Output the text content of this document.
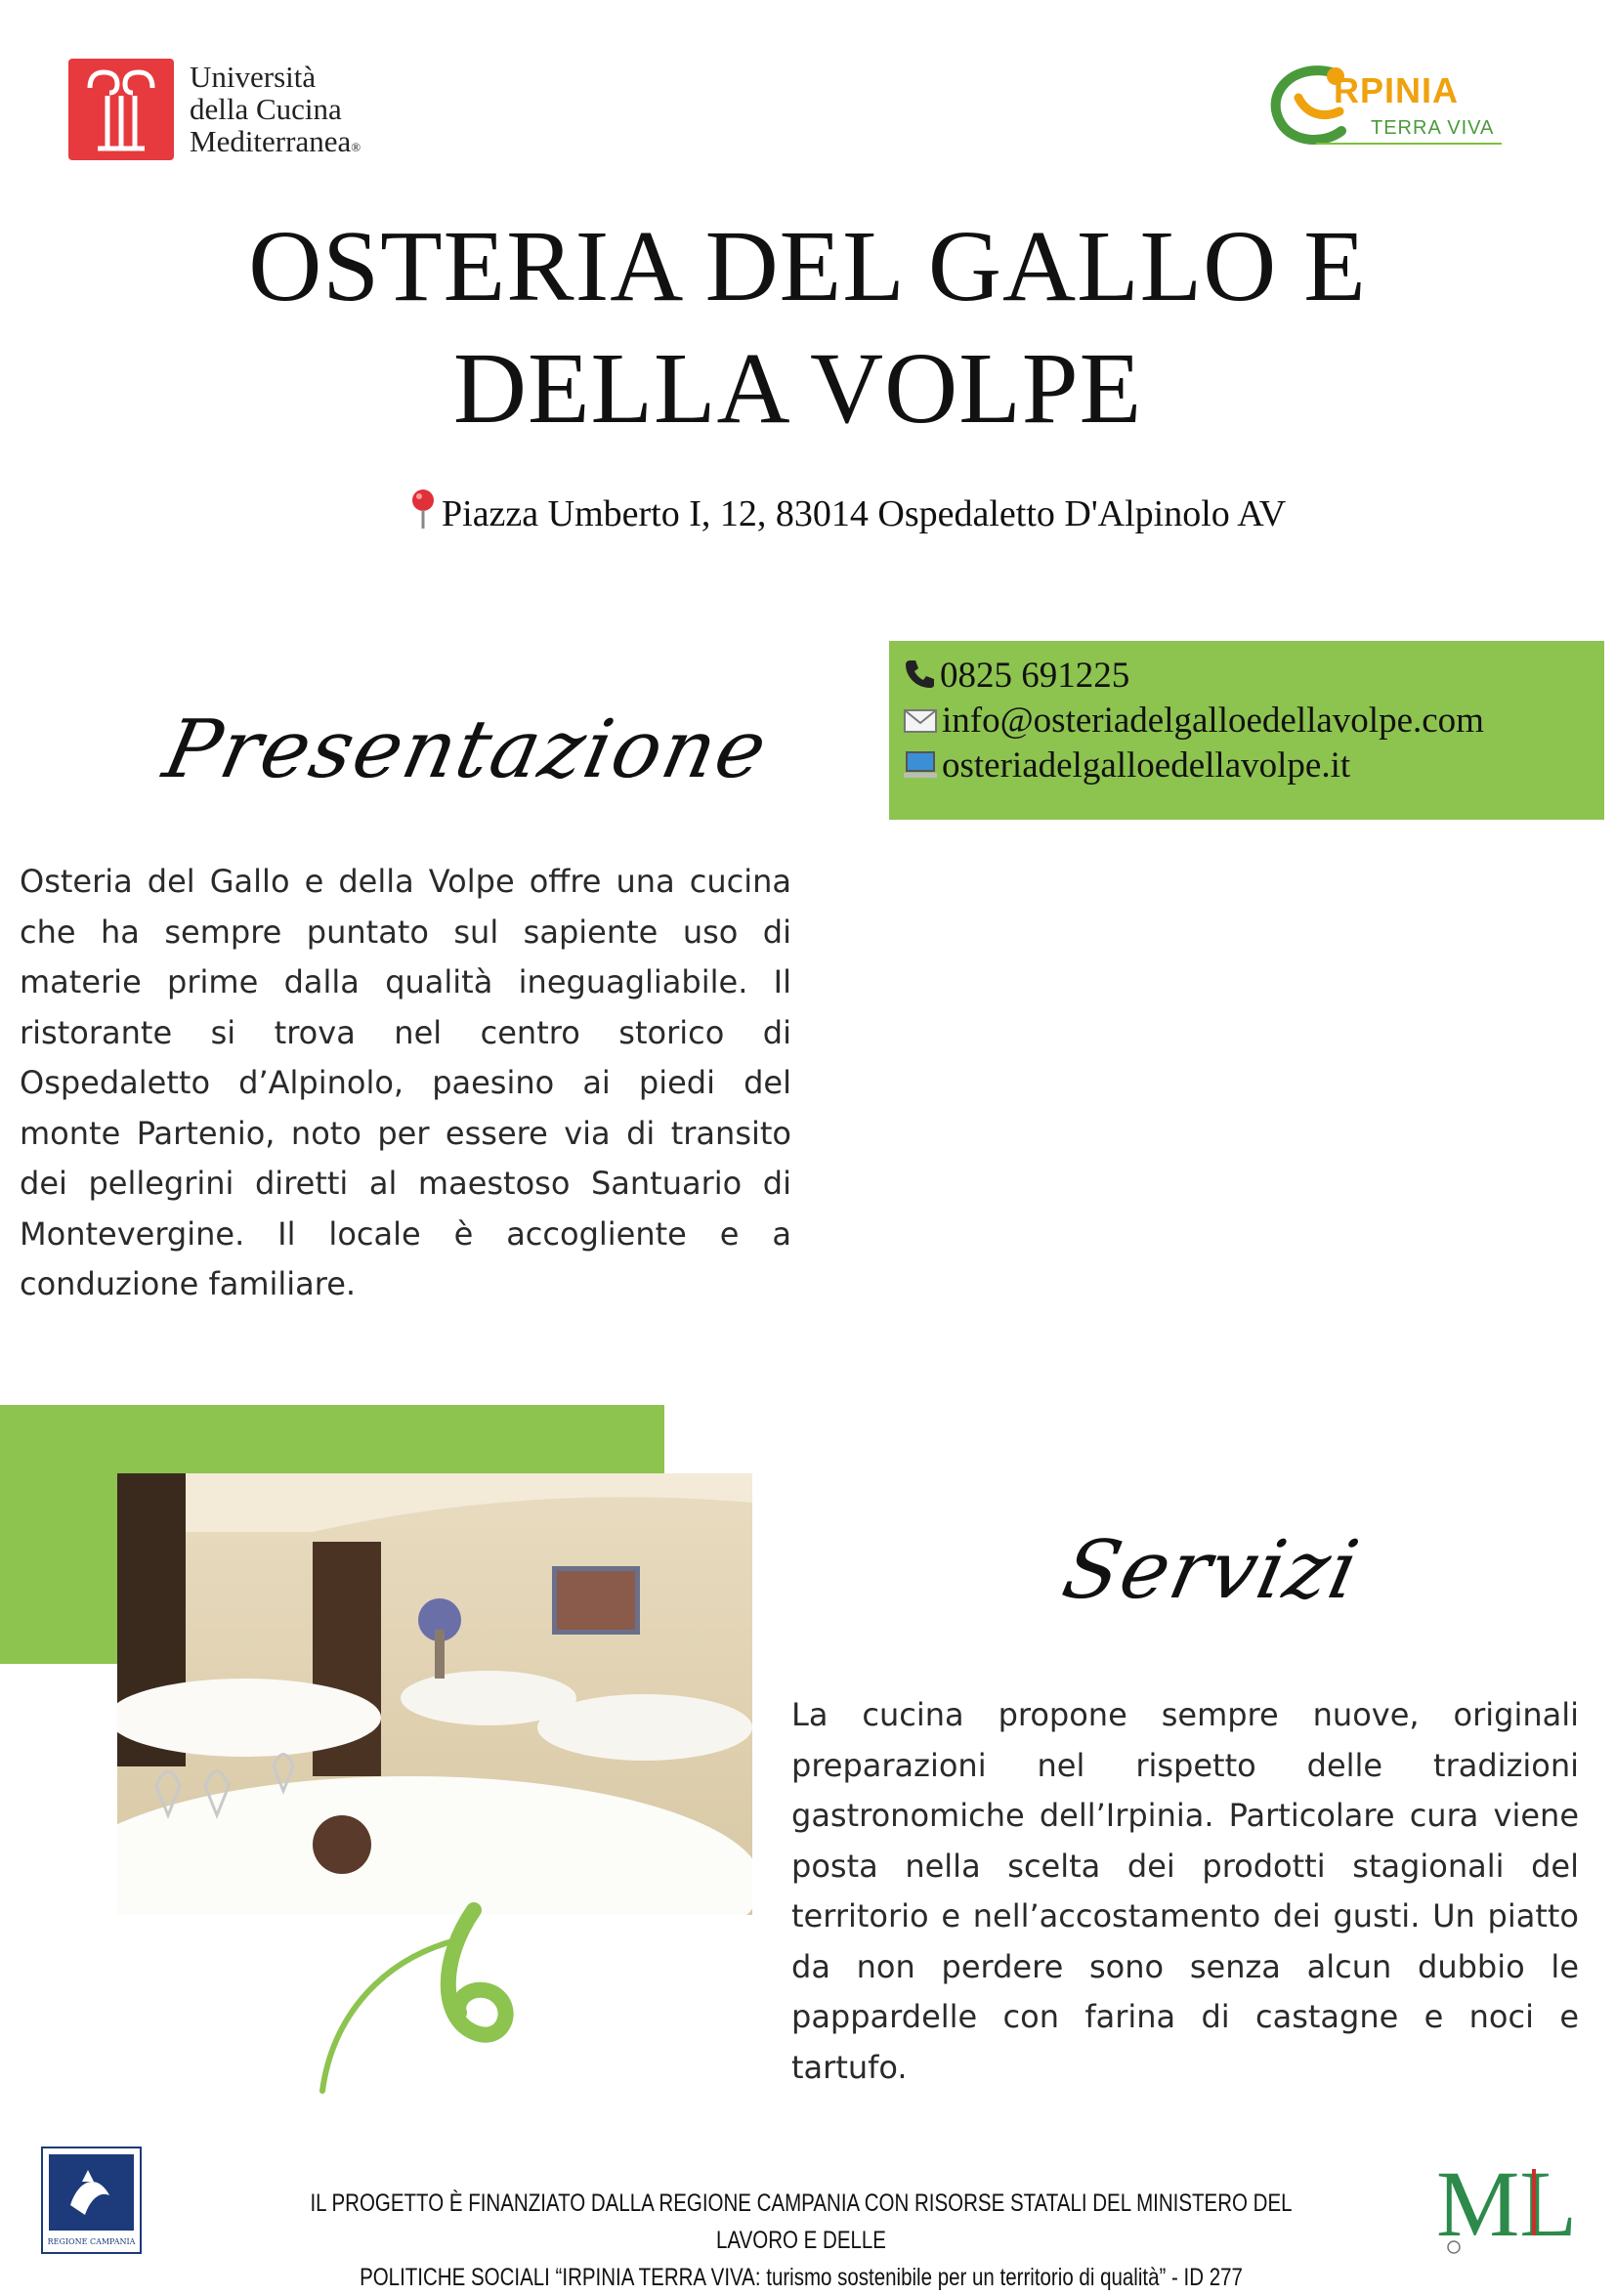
Università
della Cucina
Mediterranea®
RPINIA
TERRA VIVA
OSTERIA DEL GALLO E
DELLA VOLPE
Piazza Umberto I, 12, 83014 Ospedaletto D'Alpinolo AV
0825 691225
info@osteriadelgalloedellavolpe.com
osteriadelgalloedellavolpe.it
Presentazione
Osteria del Gallo e della Volpe offre una cucina che ha sempre puntato sul sapiente uso di materie prime dalla qualità ineguagliabile. Il ristorante si trova nel centro storico di Ospedaletto d’Alpinolo, paesino ai piedi del monte Partenio, noto per essere via di transito dei pellegrini diretti al maestoso Santuario di Montevergine. Il locale è accogliente e a conduzione familiare.
Servizi
La cucina propone sempre nuove, originali preparazioni nel rispetto delle tradizioni gastronomiche dell’Irpinia. Particolare cura viene posta nella scelta dei prodotti stagionali del territorio e nell’accostamento dei gusti. Un piatto da non perdere sono senza alcun dubbio le pappardelle con farina di castagne e noci e tartufo.
REGIONE CAMPANIA
IL PROGETTO È FINANZIATO DALLA REGIONE CAMPANIA CON RISORSE STATALI DEL MINISTERO DEL LAVORO E DELLE
POLITICHE SOCIALI “IRPINIA TERRA VIVA: turismo sostenibile per un territorio di qualità” - ID 277
ML
